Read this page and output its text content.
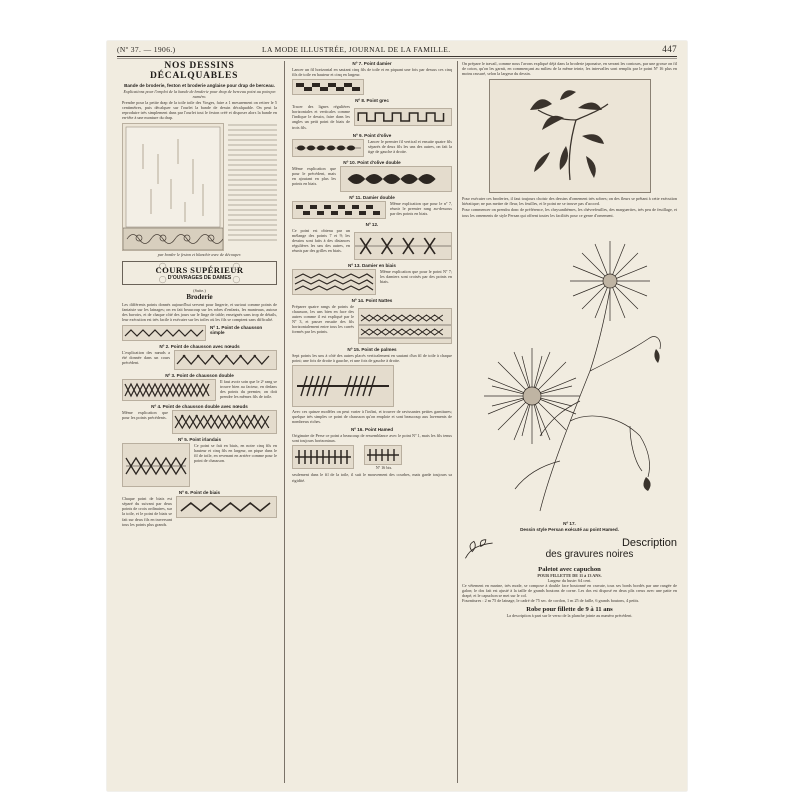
(Nº 37. — 1906.)	LA MODE ILLUSTRÉE, JOURNAL DE LA FAMILLE.	447

NOS DESSINS

DÉCALQUABLES

Bande de broderie, feston et broderie anglaise pour drap de berceau.

Explications pour l'emploi de la bande de broderie pour drap de berceau point au poinçon numéro.

Prendre pour la petite drap de la toile toile des Vosges, faire a 1 mesurement on retirer le 5 centimètres, puis décalquer sur l'ourlet la bande de dessin décalquable. On peut la reproduire très simplement dans par l'ourlet tout le feston créé et disposer alors la bande en en-tête à une monture du drap.

par border le feston et blanchir avec de découper.

COURS SUPÉRIEUR

D'OUVRAGES DE DAMES

(Suite.)

Broderie

Les différents points donnés aujourd'hui servent pour lingerie, et surtout comme points de fantaisie sur les lainages; on en fait beaucoup sur les robes d'enfants, les manteaux, autour des bavoirs, et de chaque côté des jours sur le linge de table; enseignés sans trop de détails, leur exécution est très facile à exécuter sur les toiles où les fils se comptent sans difficulté.

Nº 1. Point de chausson simple

Nº 2. Point de chausson avec nœuds

L'explication des nœuds a été donnée dans un cours précédent.

Nº 3. Point de chausson double

Il faut avoir soin que le 2ᵉ rang se trouve bien au facteur, en dedans des points du premier, on doit prendre les mêmes fils de toile.

Nº 4. Point de chausson double avec nœuds

Même explication que pour les points précédents.

Nº 5. Point irlandais

Ce point se fait en biais, en notre cinq fils en hauteur et cinq fils en largeur, on pique dans le fil de toile, en revenant en arrière comme pour le point de chausson.

Nº 6. Point de biais

Chaque point de biais est séparé du suivant par deux points de croix ordinaires, sur la toile, et le point de biais se fait sur deux fils en traversant tous les points plus grands.

Nº 7. Point damier

Lancer un fil horizontal en sautant cinq fils de toile et en piquant une fois par dessus ces cinq fils de toile en hauteur et cinq en largeur.

Nº 8. Point grec

Tracer des lignes régulières horizontales et verticales comme l'indique le dessin, faire dans les angles un petit point de biais de trois fils.

Nº 9. Point d'olive

Lancer le premier fil vertical et ensuite quatre fils séparés de deux fils les uns des autres, on fait la tige de gauche à droite.

Nº 10. Point d'olive double

Même explication que pour le précédent, mais en ajoutant en plus les points en biais.

Nº 11. Damier double

Même explication que pour le nº 7, réunir le premier rang au-dessous par des points en biais.

Nº 12.

Ce point est obtenu par un mélange des points 7 et 9; les dessins sont faits à des distances régulières les uns des autres, en réunis par des grilles en biais.

Nº 13. Damier en biais

Même explication que pour le point Nº 7; les damiers sont croisés par des points en biais.

Nº 14. Point Nattes

Préparer quatre rangs de points de chausson, les uns bien en face des autres comme il est expliqué par le Nº 3, et passer ensuite des fils horizontalement entre tous les carrés formés par les points.

Nº 15. Point de palmes

Sept points les uns à côté des autres placés verticalement en sautant d'un fil de toile à chaque point; une fois de droite à gauche, et une fois de gauche à droite.

Avec ces quinze modèles on peut varier à l'infini, et trouver de ravissantes petites garnitures; quelque très simples ce point de chausson qu'on emploie et sont beaucoup aux lavements de nombreux riches.

Nº 16. Point Hamed

Originaire de Perse ce point a beaucoup de ressemblance avec le point Nº 1, mais les fils tenus sont toujours horizontaux.

Nº 16 bis.

seulement dans le fil de la toile, il suit le mouvement des courbes, mais garde toujours sa rigidité.

On prépare le travail, comme nous l'avons expliqué déjà dans la broderie japonaise, en serrant les contours, par une grosse on fil de coton, qu'on les garnit, en commençant au milieu de la même teinte, les intervalles sont remplis par le point Nº 16 plus en moins rassuré, selon la largeur du dessin.

Pour exécuter ces broderies, il faut toujours choisir des dessins d'ornement très sobres; on des fleurs se prêtant à cette exécution hiératique; ne pas mettre de fleur, les feuilles, et le point ne se trouve pas d'accord.

Pour commencer on prendra donc de préférence, les chrysanthèmes, les chèvrefeuilles, des marguerites, très peu de feuillage, et tous les ornements de style Persan qui offrent toutes les facilités pour ce genre d'ornement.

Nº 17.

Dessin style Persan exécuté au point Hamed.

Description

des gravures noires

Paletot avec capuchon

POUR FILLETTE DE 11 à 13 ANS.

Largeur du buste: 64 cent.

Ce vêtement en marine, très mode, se compose à double face boutonné en cravate, tous ses bords bordés par une rangée de galon; le dos fait est ajusté à la taille de grands boutons de corne. Les dos est disposé en deux plis creux avec une patte en drapé, et le capuchon se met sur le col.

Fournitures : 2 m 75 de lainage, le cadré de 75 sec. de cordon, 1 m 25 de faille, 6 grands boutons, 4 petits.

Robe pour fillette de 9 à 11 ans

La description à part sur le verso de la planche jointe au numéro précédent.
